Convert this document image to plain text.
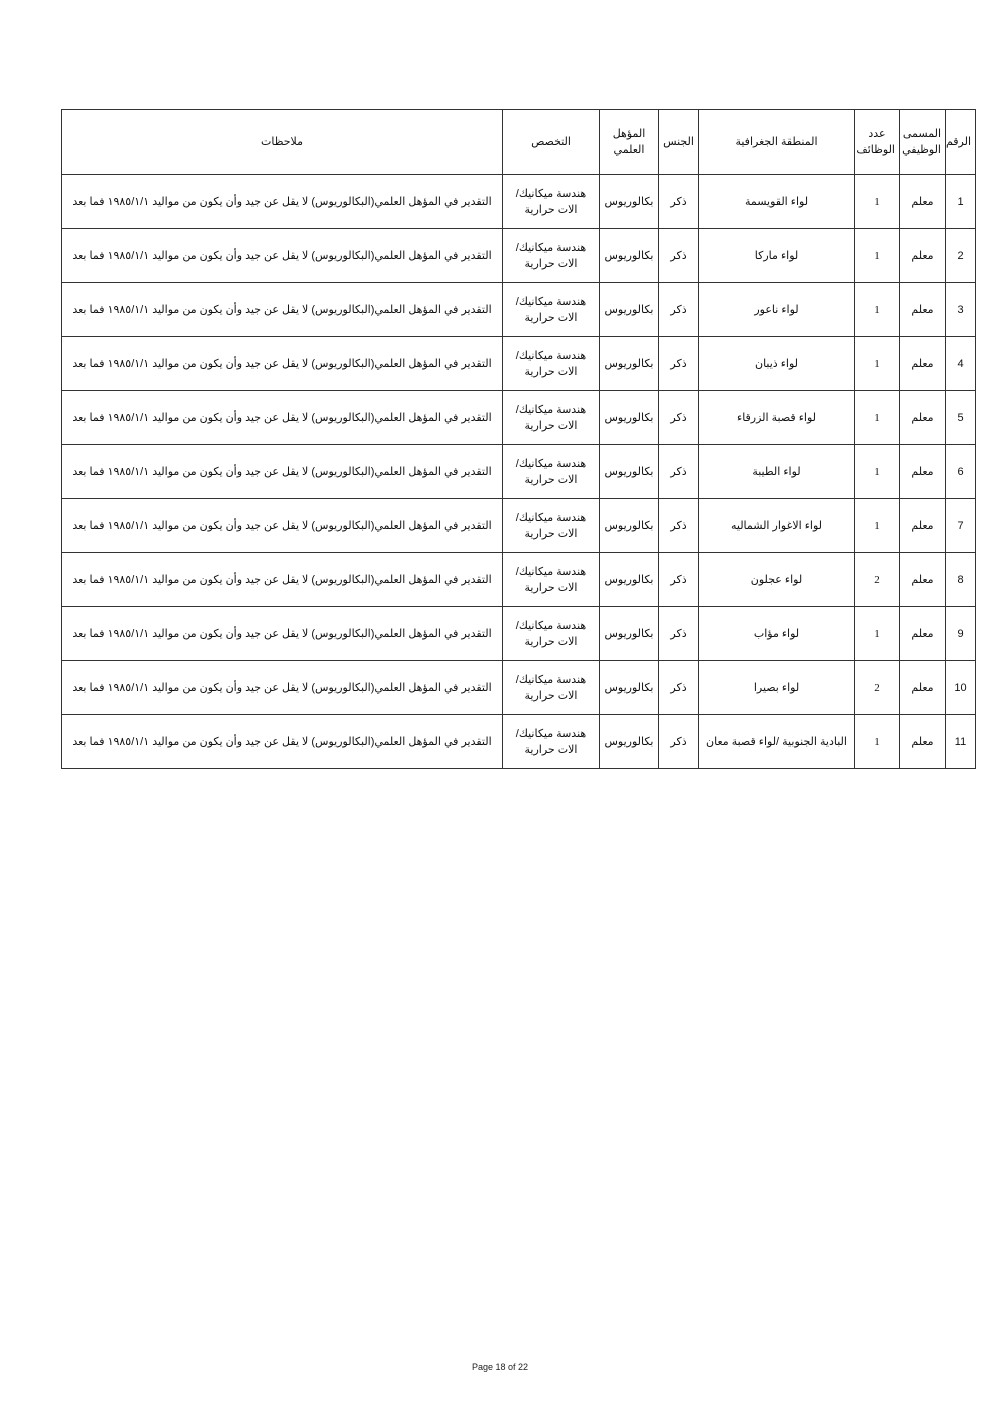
الرقم	المسمى الوظيفي	عدد الوظائف	المنطقة الجغرافية	الجنس	المؤهل العلمي	التخصص	ملاحظات
1	معلم	1	لواء القويسمة	ذكر	بكالوريوس	هندسة ميكانيك/الات حرارية	التقدير في المؤهل العلمي(البكالوريوس) لا يقل عن جيد وأن يكون من مواليد ١٩٨٥/١/١ فما بعد
2	معلم	1	لواء ماركا	ذكر	بكالوريوس	هندسة ميكانيك/الات حرارية	التقدير في المؤهل العلمي(البكالوريوس) لا يقل عن جيد وأن يكون من مواليد ١٩٨٥/١/١ فما بعد
3	معلم	1	لواء ناعور	ذكر	بكالوريوس	هندسة ميكانيك/الات حرارية	التقدير في المؤهل العلمي(البكالوريوس) لا يقل عن جيد وأن يكون من مواليد ١٩٨٥/١/١ فما بعد
4	معلم	1	لواء ذيبان	ذكر	بكالوريوس	هندسة ميكانيك/الات حرارية	التقدير في المؤهل العلمي(البكالوريوس) لا يقل عن جيد وأن يكون من مواليد ١٩٨٥/١/١ فما بعد
5	معلم	1	لواء قصبة الزرقاء	ذكر	بكالوريوس	هندسة ميكانيك/الات حرارية	التقدير في المؤهل العلمي(البكالوريوس) لا يقل عن جيد وأن يكون من مواليد ١٩٨٥/١/١ فما بعد
6	معلم	1	لواء الطيبة	ذكر	بكالوريوس	هندسة ميكانيك/الات حرارية	التقدير في المؤهل العلمي(البكالوريوس) لا يقل عن جيد وأن يكون من مواليد ١٩٨٥/١/١ فما بعد
7	معلم	1	لواء الاغوار الشماليه	ذكر	بكالوريوس	هندسة ميكانيك/الات حرارية	التقدير في المؤهل العلمي(البكالوريوس) لا يقل عن جيد وأن يكون من مواليد ١٩٨٥/١/١ فما بعد
8	معلم	2	لواء عجلون	ذكر	بكالوريوس	هندسة ميكانيك/الات حرارية	التقدير في المؤهل العلمي(البكالوريوس) لا يقل عن جيد وأن يكون من مواليد ١٩٨٥/١/١ فما بعد
9	معلم	1	لواء مؤاب	ذكر	بكالوريوس	هندسة ميكانيك/الات حرارية	التقدير في المؤهل العلمي(البكالوريوس) لا يقل عن جيد وأن يكون من مواليد ١٩٨٥/١/١ فما بعد
10	معلم	2	لواء بصيرا	ذكر	بكالوريوس	هندسة ميكانيك/الات حرارية	التقدير في المؤهل العلمي(البكالوريوس) لا يقل عن جيد وأن يكون من مواليد ١٩٨٥/١/١ فما بعد
11	معلم	1	البادية الجنوبية /لواء قصبة معان	ذكر	بكالوريوس	هندسة ميكانيك/الات حرارية	التقدير في المؤهل العلمي(البكالوريوس) لا يقل عن جيد وأن يكون من مواليد ١٩٨٥/١/١ فما بعد
Page 18 of 22
